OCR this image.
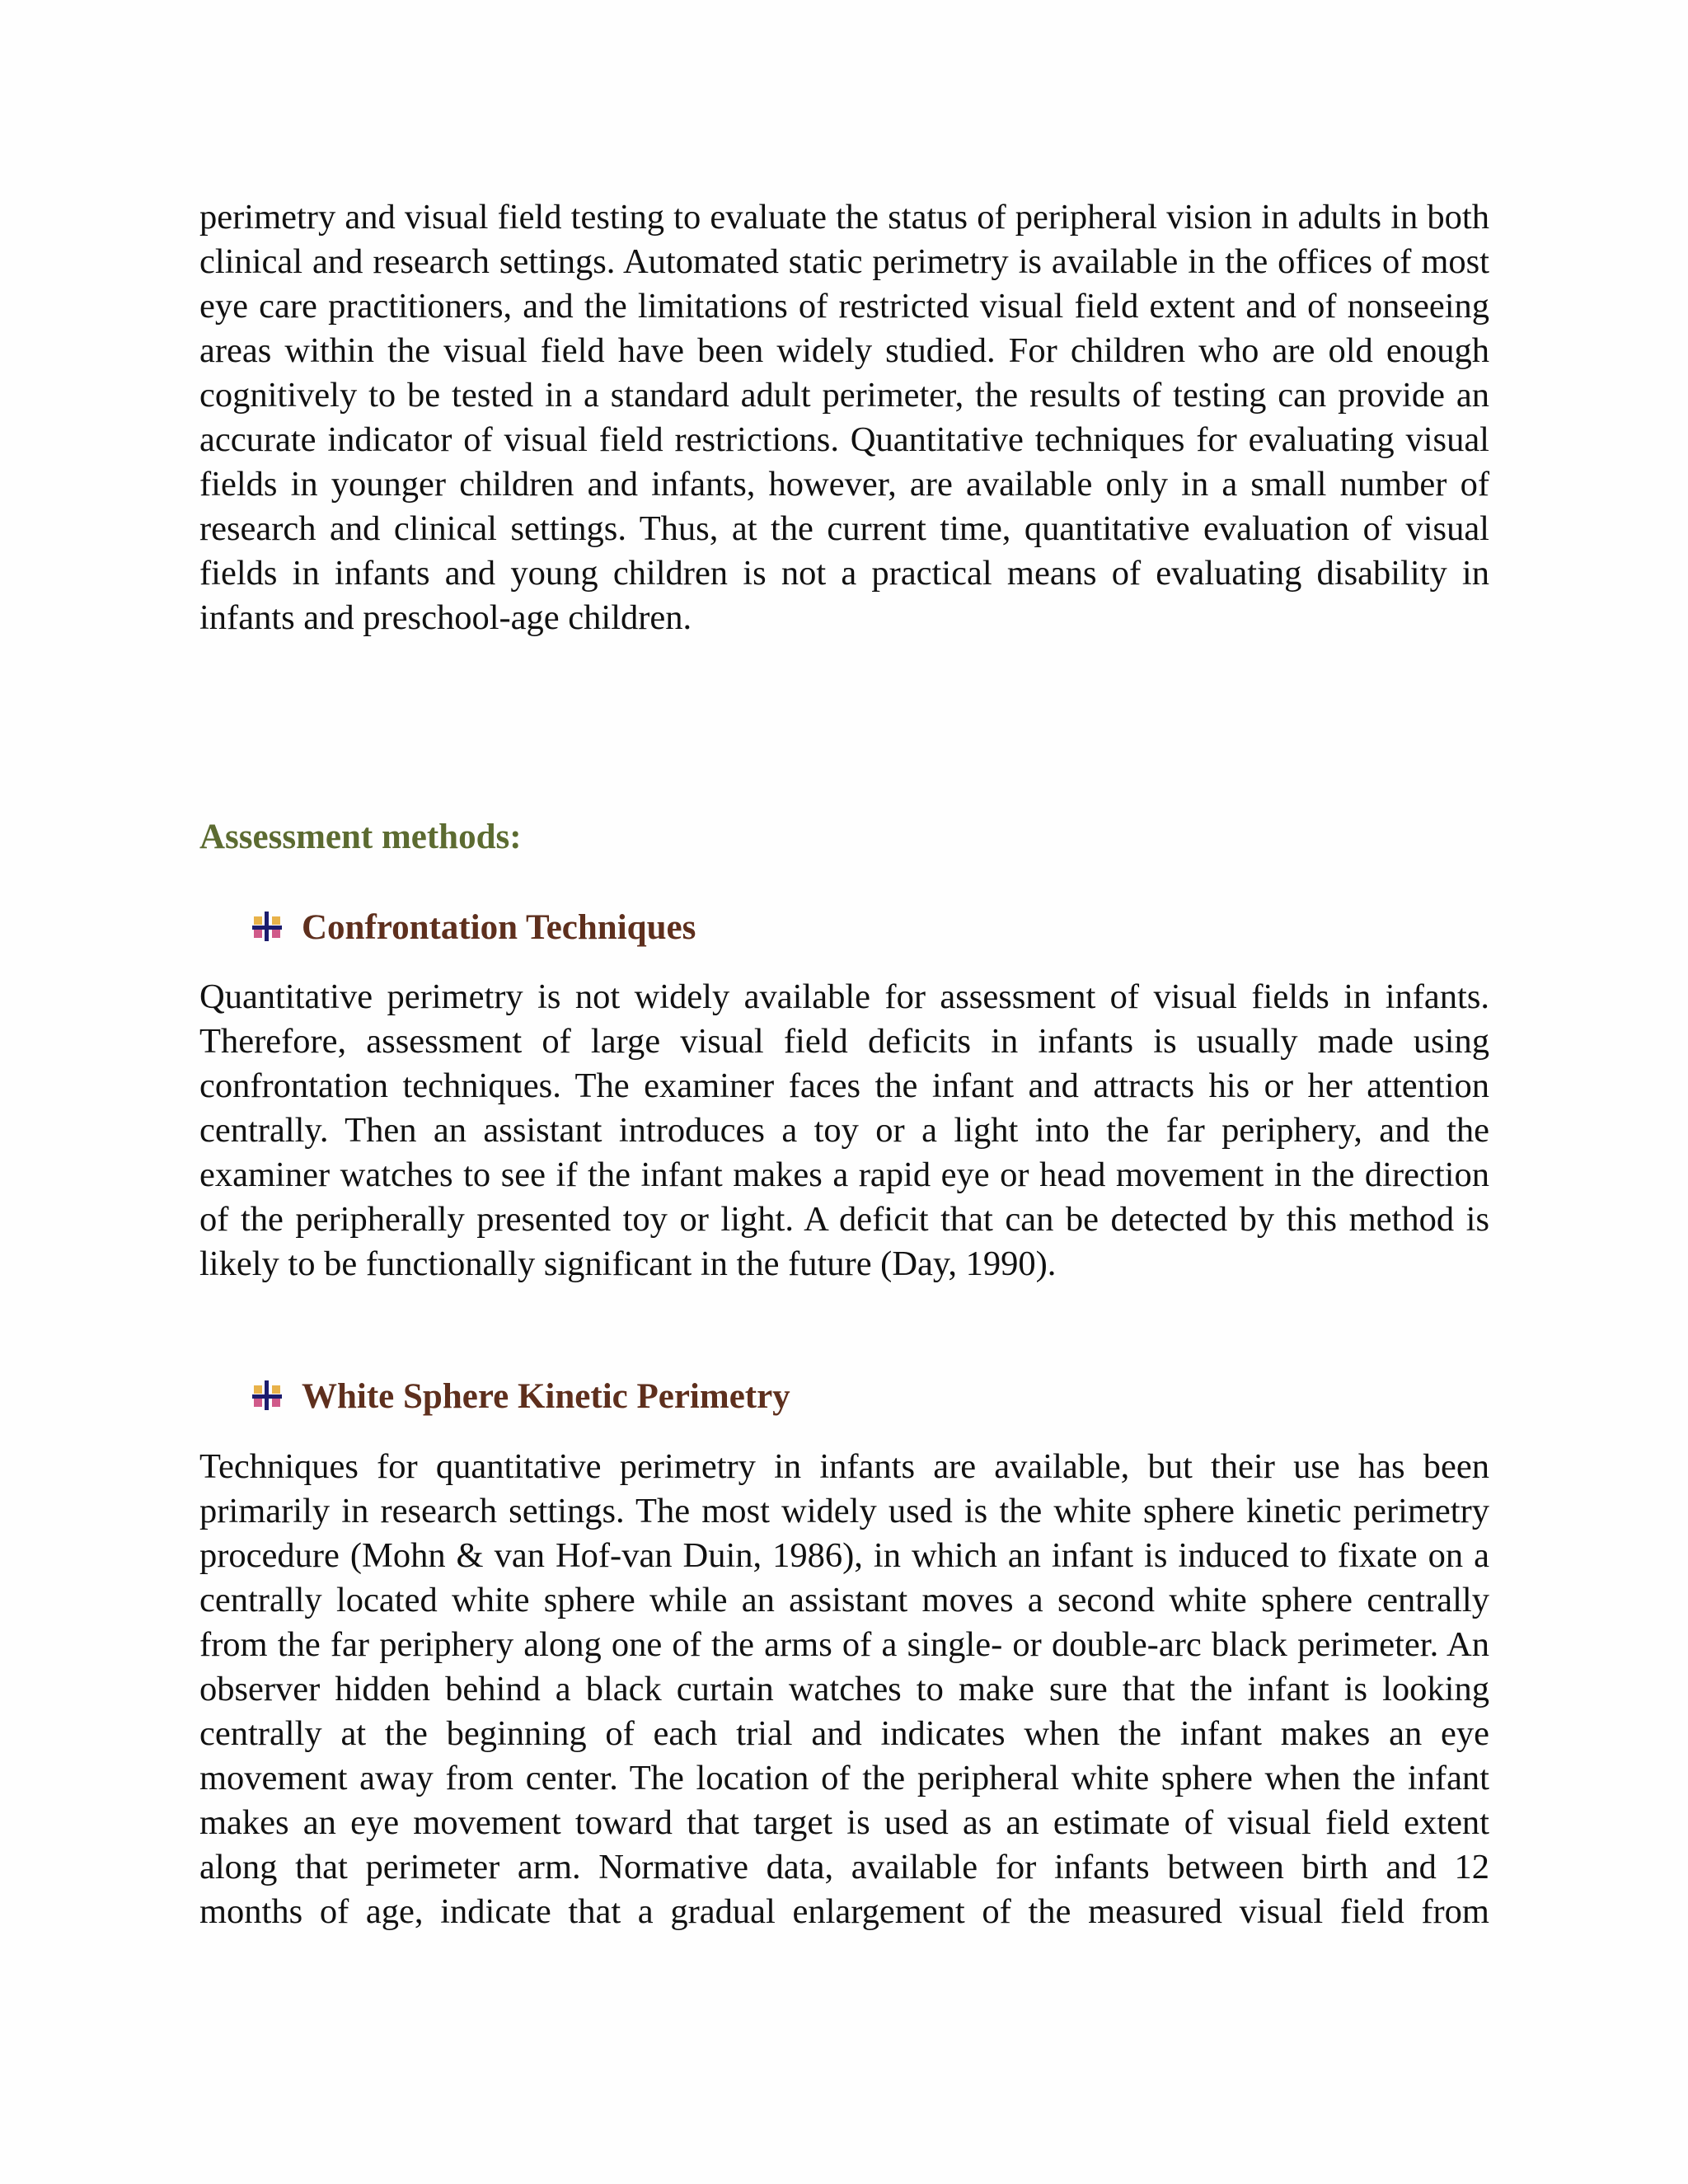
perimetry and visual field testing to evaluate the status of peripheral vision in adults in both clinical and research settings. Automated static perimetry is available in the offices of most eye care practitioners, and the limitations of restricted visual field extent and of nonseeing areas within the visual field have been widely studied. For children who are old enough cognitively to be tested in a standard adult perimeter, the results of testing can provide an accurate indicator of visual field restrictions. Quantitative techniques for evaluating visual fields in younger children and infants, however, are available only in a small number of research and clinical settings. Thus, at the current time, quantitative evaluation of visual fields in infants and young children is not a practical means of evaluating disability in infants and preschool-age children.

Assessment methods:
Confrontation Techniques

Quantitative perimetry is not widely available for assessment of visual fields in infants. Therefore, assessment of large visual field deficits in infants is usually made using confrontation techniques. The examiner faces the infant and attracts his or her attention centrally. Then an assistant introduces a toy or a light into the far periphery, and the examiner watches to see if the infant makes a rapid eye or head movement in the direction of the peripherally presented toy or light. A deficit that can be detected by this method is likely to be functionally significant in the future (Day, 1990).

White Sphere Kinetic Perimetry

Techniques for quantitative perimetry in infants are available, but their use has been primarily in research settings. The most widely used is the white sphere kinetic perimetry procedure (Mohn & van Hof-van Duin, 1986), in which an infant is induced to fixate on a centrally located white sphere while an assistant moves a second white sphere centrally from the far periphery along one of the arms of a single- or double-arc black perimeter. An observer hidden behind a black curtain watches to make sure that the infant is looking centrally at the beginning of each trial and indicates when the infant makes an eye movement away from center. The location of the peripheral white sphere when the infant makes an eye movement toward that target is used as an estimate of visual field extent along that perimeter arm. Normative data, available for infants between birth and 12 months of age, indicate that a gradual enlargement of the measured visual field from
